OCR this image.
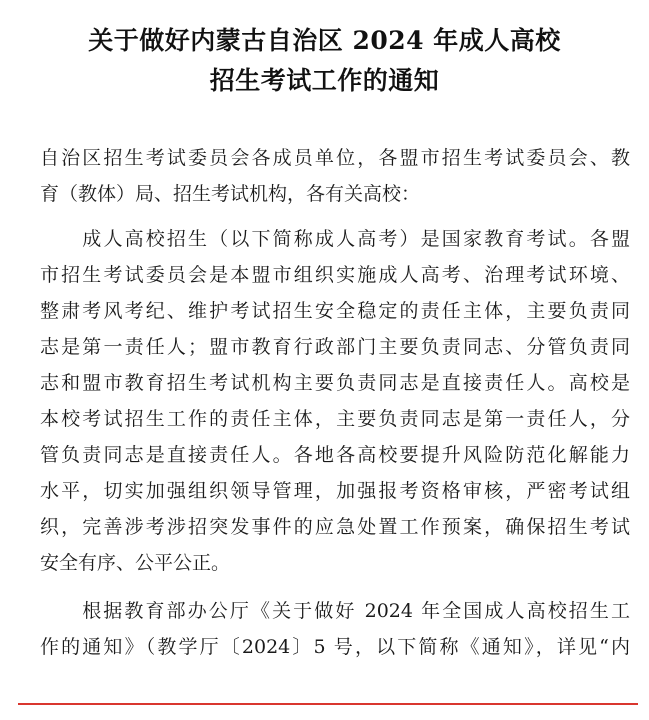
关于做好内蒙古自治区 2024 年成人高校
招生考试工作的通知
自治区招生考试委员会各成员单位，各盟市招生考试委员会、教
育（教体）局、招生考试机构，各有关高校：
　　成人高校招生（以下简称成人高考）是国家教育考试。各盟
市招生考试委员会是本盟市组织实施成人高考、治理考试环境、
整肃考风考纪、维护考试招生安全稳定的责任主体，主要负责同
志是第一责任人；盟市教育行政部门主要负责同志、分管负责同
志和盟市教育招生考试机构主要负责同志是直接责任人。高校是
本校考试招生工作的责任主体，主要负责同志是第一责任人，分
管负责同志是直接责任人。各地各高校要提升风险防范化解能力
水平，切实加强组织领导管理，加强报考资格审核，严密考试组
织，完善涉考涉招突发事件的应急处置工作预案，确保招生考试
安全有序、公平公正。
　　根据教育部办公厅《关于做好 2024 年全国成人高校招生工
作的通知》（教学厅〔2024〕5 号，以下简称《通知》，详见“内
